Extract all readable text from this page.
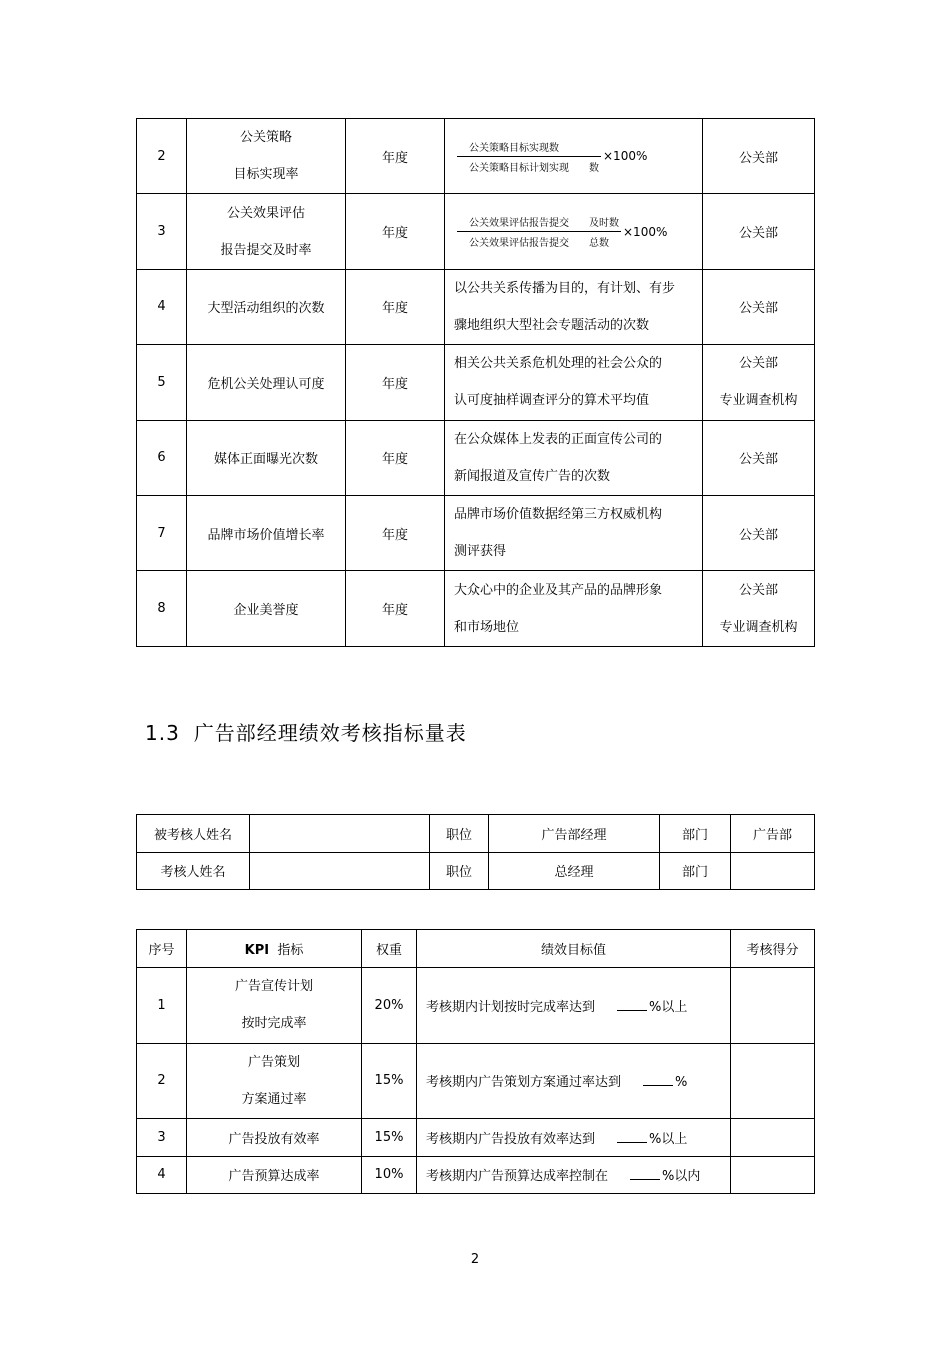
2	公关策略
目标实现率	年度	$\frac{\text{公关策略目标实现数}}{\text{公关策略目标计划实现　　数}} \times 100\%$	公关部

3	公关效果评估
报告提交及时率	年度	$\frac{\text{公关效果评估报告提交　　及时数}}{\text{公关效果评估报告提交　　总数}} \times 100\%$	公关部

4	大型活动组织的次数	年度	以公共关系传播为目的，有计划、有步
骤地组织大型社会专题活动的次数	公关部

5	危机公关处理认可度	年度	相关公共关系危机处理的社会公众的
认可度抽样调查评分的算术平均值	公关部
专业调查机构

6	媒体正面曝光次数	年度	在公众媒体上发表的正面宣传公司的
新闻报道及宣传广告的次数	公关部

7	品牌市场价值增长率	年度	品牌市场价值数据经第三方权威机构
测评获得	公关部

8	企业美誉度	年度	大众心中的企业及其产品的品牌形象
和市场地位	公关部
专业调查机构
1.3 广告部经理绩效考核指标量表
被考核人姓名		职位	广告部经理	部门	广告部
考核人姓名		职位	总经理	部门	
序号	KPI 指标	权重	绩效目标值	考核得分
1	广告宣传计划
按时完成率	20%	考核期内计划按时完成率达到 %以上	
2	广告策划
方案通过率	15%	考核期内广告策划方案通过率达到 %	
3	广告投放有效率	15%	考核期内广告投放有效率达到 %以上	
4	广告预算达成率	10%	考核期内广告预算达成率控制在 %以内	
2
